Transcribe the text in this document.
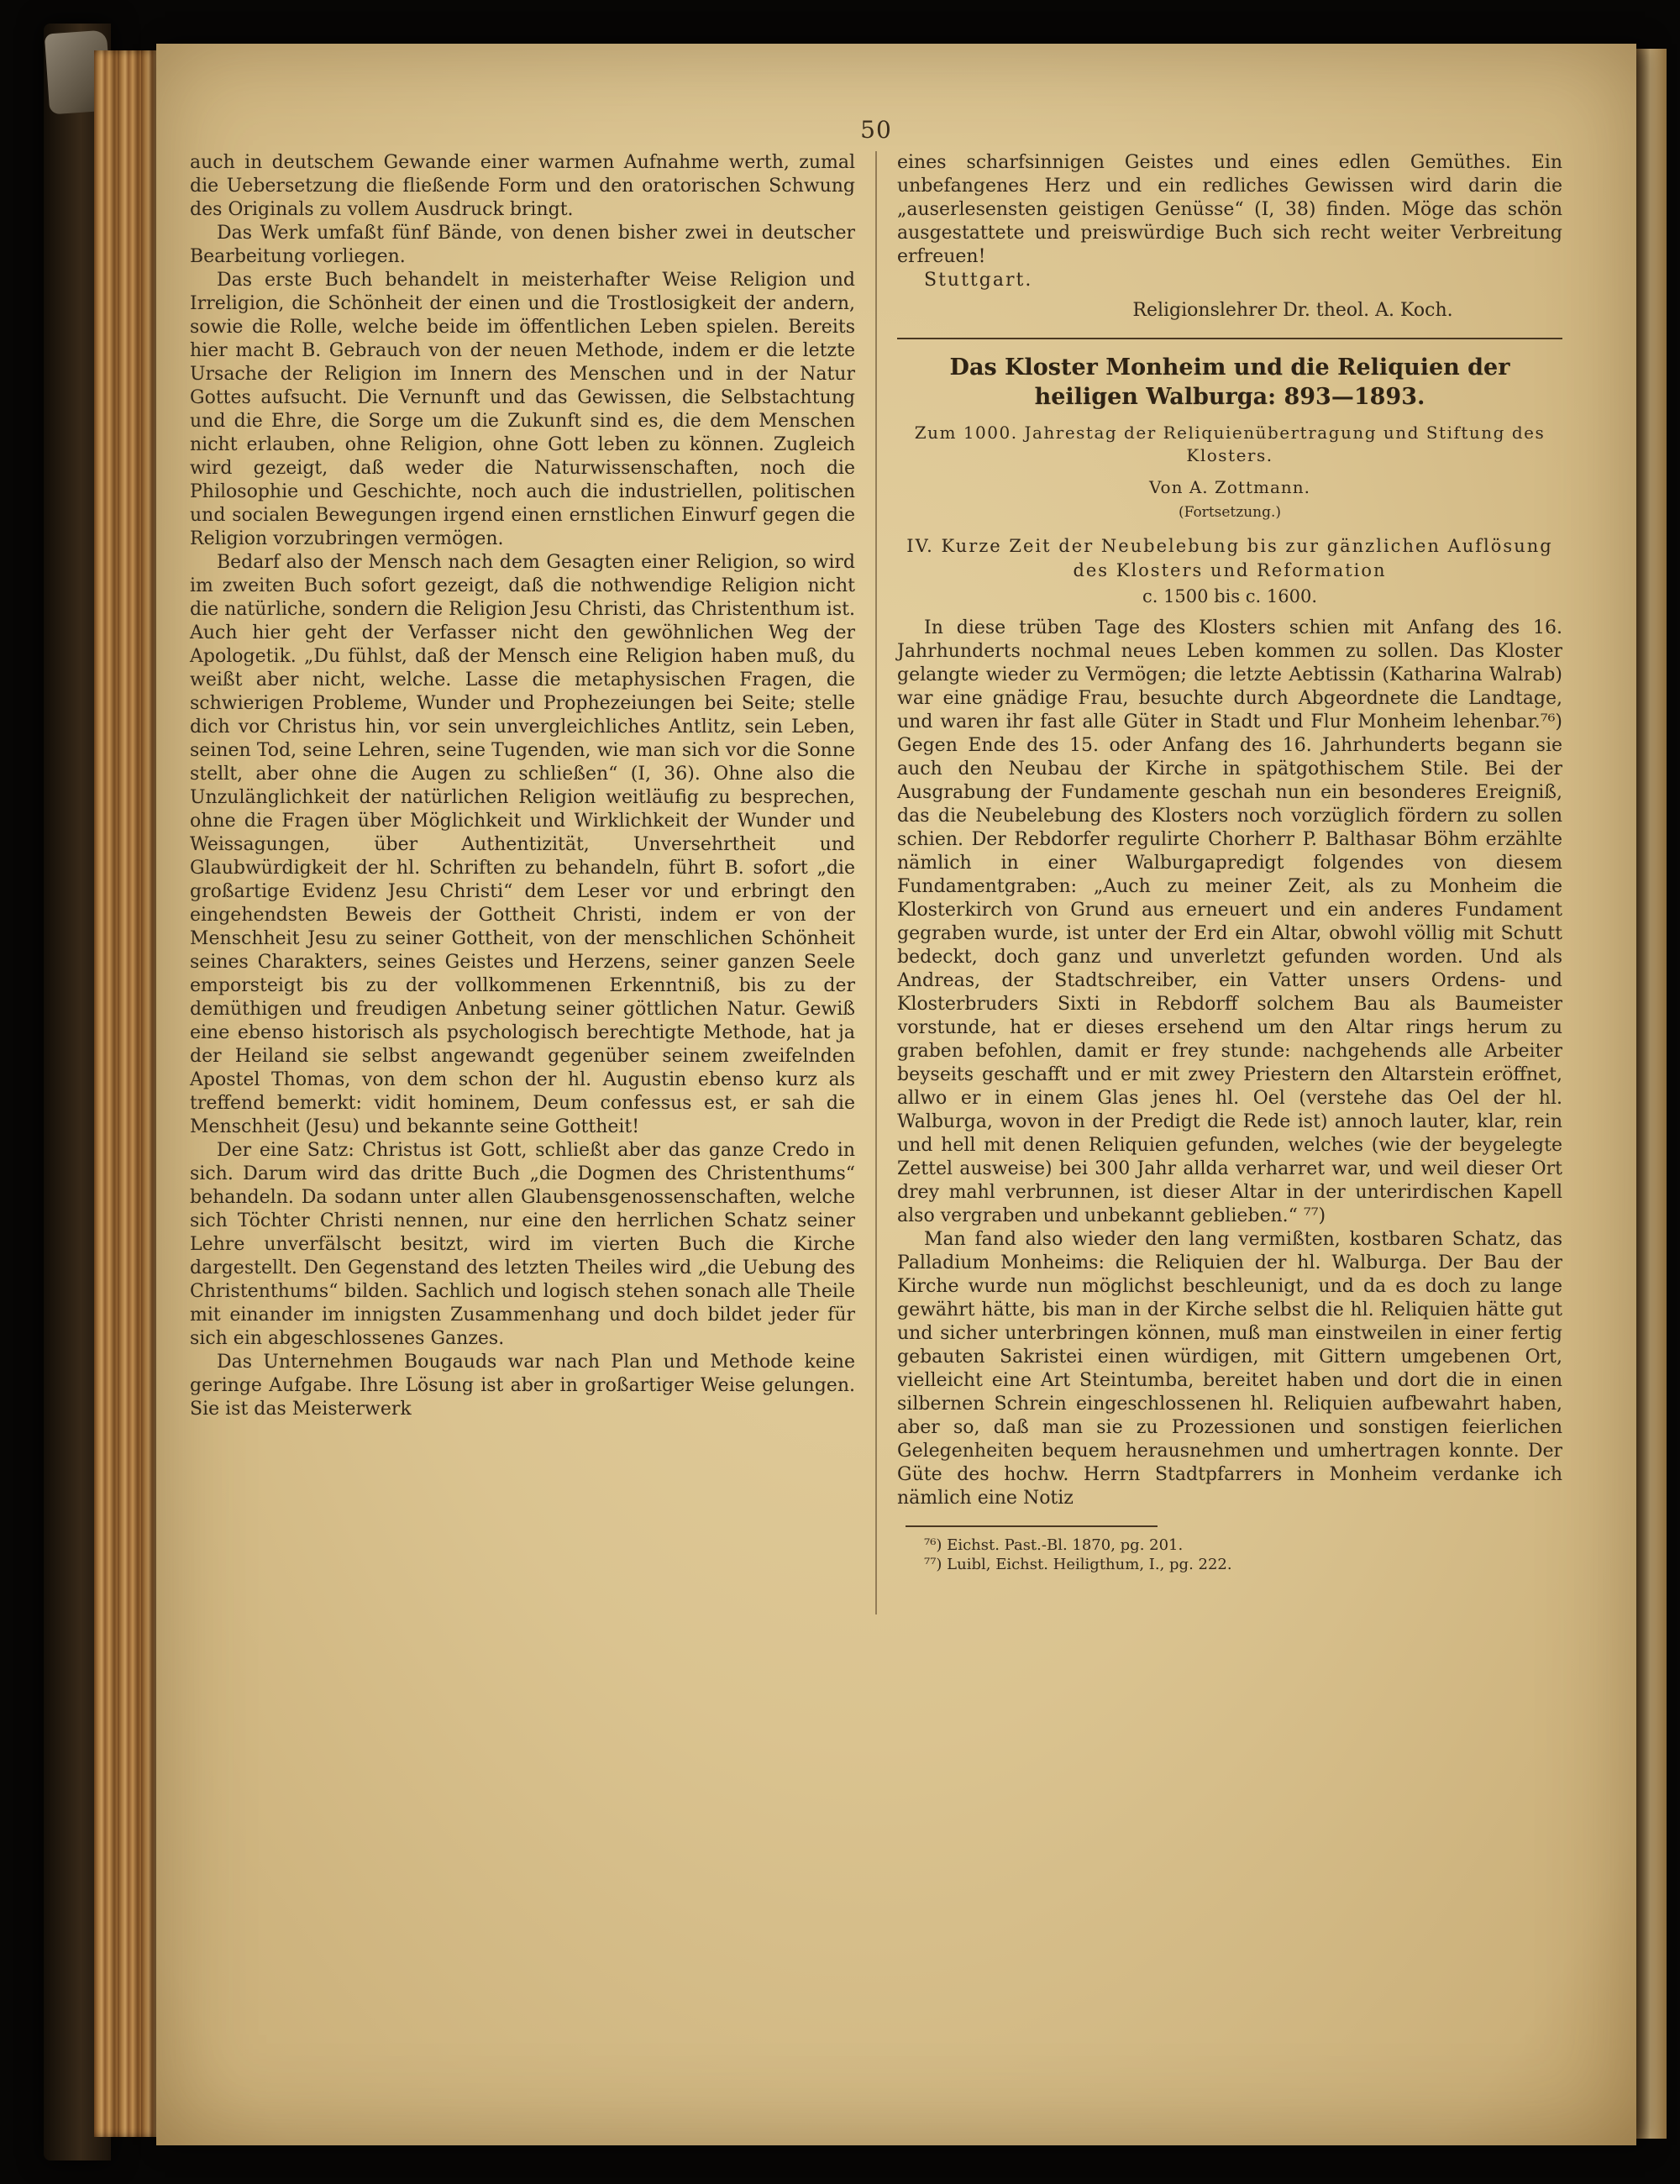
50

auch in deutschem Gewande einer warmen Aufnahme werth, zumal die Uebersetzung die fließende Form und den oratorischen Schwung des Originals zu vollem Ausdruck bringt.

Das Werk umfaßt fünf Bände, von denen bisher zwei in deutscher Bearbeitung vorliegen.

Das erste Buch behandelt in meisterhafter Weise Religion und Irreligion, die Schönheit der einen und die Trostlosigkeit der andern, sowie die Rolle, welche beide im öffentlichen Leben spielen. Bereits hier macht B. Gebrauch von der neuen Methode, indem er die letzte Ursache der Religion im Innern des Menschen und in der Natur Gottes aufsucht. Die Vernunft und das Gewissen, die Selbstachtung und die Ehre, die Sorge um die Zukunft sind es, die dem Menschen nicht erlauben, ohne Religion, ohne Gott leben zu können. Zugleich wird gezeigt, daß weder die Naturwissenschaften, noch die Philosophie und Geschichte, noch auch die industriellen, politischen und socialen Bewegungen irgend einen ernstlichen Einwurf gegen die Religion vorzubringen vermögen.

Bedarf also der Mensch nach dem Gesagten einer Religion, so wird im zweiten Buch sofort gezeigt, daß die nothwendige Religion nicht die natürliche, sondern die Religion Jesu Christi, das Christenthum ist. Auch hier geht der Verfasser nicht den gewöhnlichen Weg der Apologetik. „Du fühlst, daß der Mensch eine Religion haben muß, du weißt aber nicht, welche. Lasse die metaphysischen Fragen, die schwierigen Probleme, Wunder und Prophezeiungen bei Seite; stelle dich vor Christus hin, vor sein unvergleichliches Antlitz, sein Leben, seinen Tod, seine Lehren, seine Tugenden, wie man sich vor die Sonne stellt, aber ohne die Augen zu schließen“ (I, 36). Ohne also die Unzulänglichkeit der natürlichen Religion weitläufig zu besprechen, ohne die Fragen über Möglichkeit und Wirklichkeit der Wunder und Weissagungen, über Authentizität, Unversehrtheit und Glaubwürdigkeit der hl. Schriften zu behandeln, führt B. sofort „die großartige Evidenz Jesu Christi“ dem Leser vor und erbringt den eingehendsten Beweis der Gottheit Christi, indem er von der Menschheit Jesu zu seiner Gottheit, von der menschlichen Schönheit seines Charakters, seines Geistes und Herzens, seiner ganzen Seele emporsteigt bis zu der vollkommenen Erkenntniß, bis zu der demüthigen und freudigen Anbetung seiner göttlichen Natur. Gewiß eine ebenso historisch als psychologisch berechtigte Methode, hat ja der Heiland sie selbst angewandt gegenüber seinem zweifelnden Apostel Thomas, von dem schon der hl. Augustin ebenso kurz als treffend bemerkt: vidit hominem, Deum confessus est, er sah die Menschheit (Jesu) und bekannte seine Gottheit!

Der eine Satz: Christus ist Gott, schließt aber das ganze Credo in sich. Darum wird das dritte Buch „die Dogmen des Christenthums“ behandeln. Da sodann unter allen Glaubensgenossenschaften, welche sich Töchter Christi nennen, nur eine den herrlichen Schatz seiner Lehre unverfälscht besitzt, wird im vierten Buch die Kirche dargestellt. Den Gegenstand des letzten Theiles wird „die Uebung des Christenthums“ bilden. Sachlich und logisch stehen sonach alle Theile mit einander im innigsten Zusammenhang und doch bildet jeder für sich ein abgeschlossenes Ganzes.

Das Unternehmen Bougauds war nach Plan und Methode keine geringe Aufgabe. Ihre Lösung ist aber in großartiger Weise gelungen. Sie ist das Meisterwerk

eines scharfsinnigen Geistes und eines edlen Gemüthes. Ein unbefangenes Herz und ein redliches Gewissen wird darin die „auserlesensten geistigen Genüsse“ (I, 38) finden. Möge das schön ausgestattete und preiswürdige Buch sich recht weiter Verbreitung erfreuen!

Stuttgart.

Religionslehrer Dr. theol. A. Koch.

Das Kloster Monheim und die Reliquien der heiligen Walburga: 893—1893.
Zum 1000. Jahrestag der Reliquienübertragung und Stiftung des Klosters.
Von A. Zottmann.
(Fortsetzung.)
IV. Kurze Zeit der Neubelebung bis zur gänzlichen Auflösung des Klosters und Reformation
c. 1500 bis c. 1600.

In diese trüben Tage des Klosters schien mit Anfang des 16. Jahrhunderts nochmal neues Leben kommen zu sollen. Das Kloster gelangte wieder zu Vermögen; die letzte Aebtissin (Katharina Walrab) war eine gnädige Frau, besuchte durch Abgeordnete die Landtage, und waren ihr fast alle Güter in Stadt und Flur Monheim lehenbar.⁷⁶) Gegen Ende des 15. oder Anfang des 16. Jahrhunderts begann sie auch den Neubau der Kirche in spätgothischem Stile. Bei der Ausgrabung der Fundamente geschah nun ein besonderes Ereigniß, das die Neubelebung des Klosters noch vorzüglich fördern zu sollen schien. Der Rebdorfer regulirte Chorherr P. Balthasar Böhm erzählte nämlich in einer Walburgapredigt folgendes von diesem Fundamentgraben: „Auch zu meiner Zeit, als zu Monheim die Klosterkirch von Grund aus erneuert und ein anderes Fundament gegraben wurde, ist unter der Erd ein Altar, obwohl völlig mit Schutt bedeckt, doch ganz und unverletzt gefunden worden. Und als Andreas, der Stadtschreiber, ein Vatter unsers Ordens- und Klosterbruders Sixti in Rebdorff solchem Bau als Baumeister vorstunde, hat er dieses ersehend um den Altar rings herum zu graben befohlen, damit er frey stunde: nachgehends alle Arbeiter beyseits geschafft und er mit zwey Priestern den Altarstein eröffnet, allwo er in einem Glas jenes hl. Oel (verstehe das Oel der hl. Walburga, wovon in der Predigt die Rede ist) annoch lauter, klar, rein und hell mit denen Reliquien gefunden, welches (wie der beygelegte Zettel ausweise) bei 300 Jahr allda verharret war, und weil dieser Ort drey mahl verbrunnen, ist dieser Altar in der unterirdischen Kapell also vergraben und unbekannt geblieben.“ ⁷⁷)

Man fand also wieder den lang vermißten, kostbaren Schatz, das Palladium Monheims: die Reliquien der hl. Walburga. Der Bau der Kirche wurde nun möglichst beschleunigt, und da es doch zu lange gewährt hätte, bis man in der Kirche selbst die hl. Reliquien hätte gut und sicher unterbringen können, muß man einstweilen in einer fertig gebauten Sakristei einen würdigen, mit Gittern umgebenen Ort, vielleicht eine Art Steintumba, bereitet haben und dort die in einen silbernen Schrein eingeschlossenen hl. Reliquien aufbewahrt haben, aber so, daß man sie zu Prozessionen und sonstigen feierlichen Gelegenheiten bequem herausnehmen und umhertragen konnte. Der Güte des hochw. Herrn Stadtpfarrers in Monheim verdanke ich nämlich eine Notiz

⁷⁶) Eichst. Past.-Bl. 1870, pg. 201.

⁷⁷) Luibl, Eichst. Heiligthum, I., pg. 222.
